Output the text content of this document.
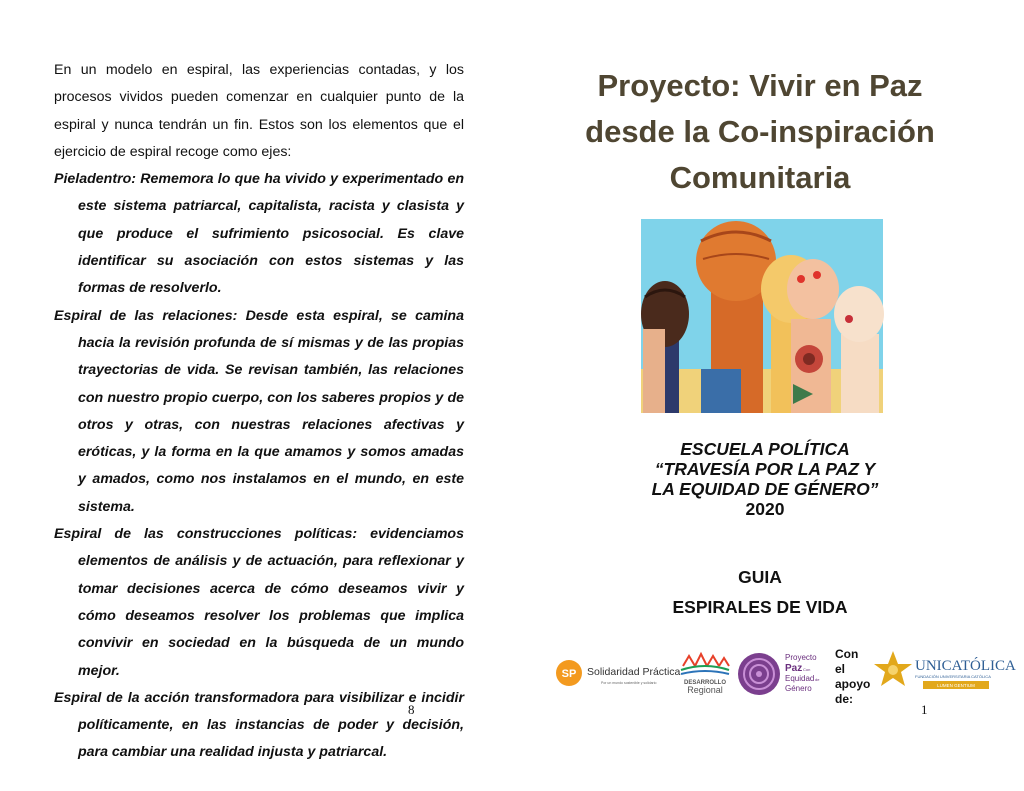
En un modelo en espiral, las experiencias contadas, y los procesos vividos pueden comenzar en cualquier punto de la espiral y nunca tendrán un fin. Estos son los elementos que el ejercicio de espiral recoge como ejes:

Pieladentro: Rememora lo que ha vivido y experimentado en este sistema patriarcal, capitalista, racista y clasista y que produce el sufrimiento psicosocial. Es clave identificar su asociación con estos sistemas y las formas de resolverlo.

Espiral de las relaciones: Desde esta espiral, se camina hacia la revisión profunda de sí mismas y de las propias trayectorias de vida. Se revisan también, las relaciones con nuestro propio cuerpo, con los saberes propios y de otros y otras, con nuestras relaciones afectivas y eróticas, y la forma en la que amamos y somos amadas y amados, como nos instalamos en el mundo, en este sistema.

Espiral de las construcciones políticas: evidenciamos elementos de análisis y de actuación, para reflexionar y tomar decisiones acerca de cómo deseamos vivir y cómo deseamos resolver los problemas que implica convivir en sociedad en la búsqueda de un mundo mejor.

Espiral de la acción transformadora para visibilizar e incidir políticamente, en las instancias de poder y decisión, para cambiar una realidad injusta y patriarcal.

8
Proyecto: Vivir en Paz
desde la Co-inspiración
Comunitaria
ESCUELA POLÍTICA
“TRAVESÍA POR LA PAZ Y
LA EQUIDAD DE GÉNERO”
2020
GUIA
ESPIRALES DE VIDA
SP Solidaridad Práctica
Por un mundo sostenible y solidario	DESARROLLO
Regional
Proyecto
Paz Con
Equidad de
Género
Con el
apoyo
de:
UNICATÓLICA
FUNDACIÓN UNIVERSITARIA CATÓLICA
LUMEN GENTIUM
1
